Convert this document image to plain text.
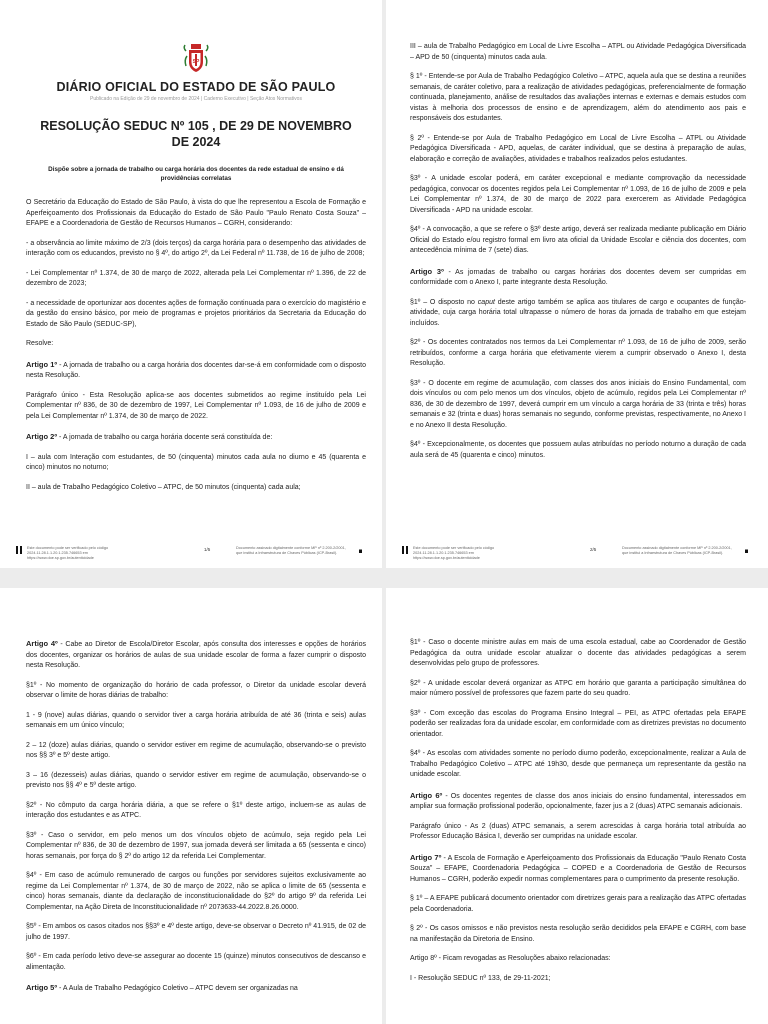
SP
DIÁRIO OFICIAL DO ESTADO DE SÃO PAULO
Publicado na Edição de 29 de novembro de 2024 | Caderno Executivo | Seção Atos Normativos
RESOLUÇÃO SEDUC Nº 105 , DE 29 DE NOVEMBRO DE 2024
Dispõe sobre a jornada de trabalho ou carga horária dos docentes da rede estadual de ensino e dá providências correlatas

O Secretário da Educação do Estado de São Paulo, à vista do que lhe representou a Escola de Formação e Aperfeiçoamento dos Profissionais da Educação do Estado de São Paulo "Paulo Renato Costa Souza" – EFAPE e a Coordenadoria de Gestão de Recursos Humanos – CGRH, considerando:

- a observância ao limite máximo de 2/3 (dois terços) da carga horária para o desempenho das atividades de interação com os educandos, previsto no § 4º, do artigo 2º, da Lei Federal nº 11.738, de 16 de julho de 2008;

- Lei Complementar nº 1.374, de 30 de março de 2022, alterada pela Lei Complementar nº 1.396, de 22 de dezembro de 2023;

- a necessidade de oportunizar aos docentes ações de formação continuada para o exercício do magistério e da gestão do ensino básico, por meio de programas e projetos prioritários da Secretaria da Educação do Estado de São Paulo (SEDUC-SP),

Resolve:

Artigo 1º - A jornada de trabalho ou a carga horária dos docentes dar-se-á em conformidade com o disposto nesta Resolução.

Parágrafo único - Esta Resolução aplica-se aos docentes submetidos ao regime instituído pela Lei Complementar nº 836, de 30 de dezembro de 1997, Lei Complementar nº 1.093, de 16 de julho de 2009 e pela Lei Complementar nº 1.374, de 30 de março de 2022.

Artigo 2º - A jornada de trabalho ou carga horária docente será constituída de:

I – aula com Interação com estudantes, de 50 (cinquenta) minutos cada aula no diurno e 45 (quarenta e cinco) minutos no noturno;

II – aula de Trabalho Pedagógico Coletivo – ATPC, de 50 minutos (cinquenta) cada aula;

Este documento pode ser verificado pelo código 2024.11.28.1.1.20.1.235.746653 em https://www.doe.sp.gov.br/autenticidade
1/5	Documento assinado digitalmente conforme MP nº 2.200-2/2001, que institui a Infraestrutura de Chaves Públicas (ICP-Brasil).

III – aula de Trabalho Pedagógico em Local de Livre Escolha – ATPL ou Atividade Pedagógica Diversificada – APD de 50 (cinquenta) minutos cada aula.

§ 1º - Entende-se por Aula de Trabalho Pedagógico Coletivo – ATPC, aquela aula que se destina a reuniões semanais, de caráter coletivo, para a realização de atividades pedagógicas, preferencialmente de formação continuada, planejamento, análise de resultados das avaliações internas e externas e demais estudos com vistas à melhoria dos processos de ensino e de aprendizagem, além do atendimento aos pais e responsáveis dos estudantes.

§ 2º - Entende-se por Aula de Trabalho Pedagógico em Local de Livre Escolha – ATPL ou Atividade Pedagógica Diversificada - APD, aquelas, de caráter individual, que se destina à preparação de aulas, elaboração e correção de avaliações, atividades e trabalhos realizados pelos estudantes.

§3º - A unidade escolar poderá, em caráter excepcional e mediante comprovação da necessidade pedagógica, convocar os docentes regidos pela Lei Complementar nº 1.093, de 16 de julho de 2009 e pela Lei Complementar nº 1.374, de 30 de março de 2022 para exercerem as Atividade Pedagógica Diversificada - APD na unidade escolar.

§4º - A convocação, a que se refere o §3º deste artigo, deverá ser realizada mediante publicação em Diário Oficial do Estado e/ou registro formal em livro ata oficial da Unidade Escolar e ciência dos docentes, com antecedência mínima de 7 (sete) dias.

Artigo 3º - As jornadas de trabalho ou cargas horárias dos docentes devem ser cumpridas em conformidade com o Anexo I, parte integrante desta Resolução.

§1º – O disposto no caput deste artigo também se aplica aos titulares de cargo e ocupantes de função-atividade, cuja carga horária total ultrapasse o número de horas da jornada de trabalho em que estejam incluídos.

§2º - Os docentes contratados nos termos da Lei Complementar nº 1.093, de 16 de julho de 2009, serão retribuídos, conforme a carga horária que efetivamente vierem a cumprir observado o Anexo I, desta Resolução.

§3º - O docente em regime de acumulação, com classes dos anos iniciais do Ensino Fundamental, com dois vínculos ou com pelo menos um dos vínculos, objeto de acúmulo, regidos pela Lei Complementar nº 836, de 30 de dezembro de 1997, deverá cumprir em um vínculo a carga horária de 33 (trinta e três) horas semanais e 32 (trinta e duas) horas semanais no segundo, conforme previstas, respectivamente, no Anexo I e no Anexo II desta Resolução.

§4º - Excepcionalmente, os docentes que possuem aulas atribuídas no período noturno a duração de cada aula será de 45 (quarenta e cinco) minutos.

Este documento pode ser verificado pelo código 2024.11.28.1.1.20.1.235.746653 em https://www.doe.sp.gov.br/autenticidade
2/5	Documento assinado digitalmente conforme MP nº 2.200-2/2001, que institui a Infraestrutura de Chaves Públicas (ICP-Brasil).

Artigo 4º - Cabe ao Diretor de Escola/Diretor Escolar, após consulta dos interesses e opções de horários dos docentes, organizar os horários de aulas de sua unidade escolar de forma a fazer cumprir o disposto nesta Resolução.

§1º - No momento de organização do horário de cada professor, o Diretor da unidade escolar deverá observar o limite de horas diárias de trabalho:

1 - 9 (nove) aulas diárias, quando o servidor tiver a carga horária atribuída de até 36 (trinta e seis) aulas semanais em um único vínculo;

2 – 12 (doze) aulas diárias, quando o servidor estiver em regime de acumulação, observando-se o previsto nos §§ 3º e 5º deste artigo.

3 – 16 (dezesseis) aulas diárias, quando o servidor estiver em regime de acumulação, observando-se o previsto nos §§ 4º e 5º deste artigo.

§2º - No cômputo da carga horária diária, a que se refere o §1º deste artigo, incluem-se as aulas de interação dos estudantes e as ATPC.

§3º - Caso o servidor, em pelo menos um dos vínculos objeto de acúmulo, seja regido pela Lei Complementar nº 836, de 30 de dezembro de 1997, sua jornada deverá ser limitada a 65 (sessenta e cinco) horas semanais, por força do § 2º do artigo 12 da referida Lei Complementar.

§4º - Em caso de acúmulo remunerado de cargos ou funções por servidores sujeitos exclusivamente ao regime da Lei Complementar nº 1.374, de 30 de março de 2022, não se aplica o limite de 65 (sessenta e cinco) horas semanais, diante da declaração de inconstitucionalidade do §2º do artigo 9º da referida Lei Complementar, na Ação Direta de Inconstitucionalidade nº 2073633-44.2022.8.26.0000.

§5º - Em ambos os casos citados nos §§3º e 4º deste artigo, deve-se observar o Decreto nº 41.915, de 02 de julho de 1997.

§6º - Em cada período letivo deve-se assegurar ao docente 15 (quinze) minutos consecutivos de descanso e alimentação.

Artigo 5º - A Aula de Trabalho Pedagógico Coletivo – ATPC devem ser organizadas na

§1º - Caso o docente ministre aulas em mais de uma escola estadual, cabe ao Coordenador de Gestão Pedagógica da outra unidade escolar atualizar o docente das atividades pedagógicas a serem desenvolvidas pelo grupo de professores.

§2º - A unidade escolar deverá organizar as ATPC em horário que garanta a participação simultânea do maior número possível de professores que fazem parte do seu quadro.

§3º - Com exceção das escolas do Programa Ensino Integral – PEI, as ATPC ofertadas pela EFAPE poderão ser realizadas fora da unidade escolar, em conformidade com as diretrizes previstas no documento orientador.

§4º - As escolas com atividades somente no período diurno poderão, excepcionalmente, realizar a Aula de Trabalho Pedagógico Coletivo – ATPC até 19h30, desde que permaneça um representante da gestão na unidade escolar.

Artigo 6º - Os docentes regentes de classe dos anos iniciais do ensino fundamental, interessados em ampliar sua formação profissional poderão, opcionalmente, fazer jus a 2 (duas) ATPC semanais adicionais.

Parágrafo único - As 2 (duas) ATPC semanais, a serem acrescidas à carga horária total atribuída ao Professor Educação Básica I, deverão ser cumpridas na unidade escolar.

Artigo 7º - A Escola de Formação e Aperfeiçoamento dos Profissionais da Educação "Paulo Renato Costa Souza" – EFAPE, Coordenadoria Pedagógica – COPED e a Coordenadoria de Gestão de Recursos Humanos – CGRH, poderão expedir normas complementares para o cumprimento da presente resolução.

§ 1º – A EFAPE publicará documento orientador com diretrizes gerais para a realização das ATPC ofertadas pela Coordenadoria.

§ 2º - Os casos omissos e não previstos nesta resolução serão decididos pela EFAPE e CGRH, com base na manifestação da Diretoria de Ensino.

Artigo 8º - Ficam revogadas as Resoluções abaixo relacionadas:

I - Resolução SEDUC nº 133, de 29-11-2021;
